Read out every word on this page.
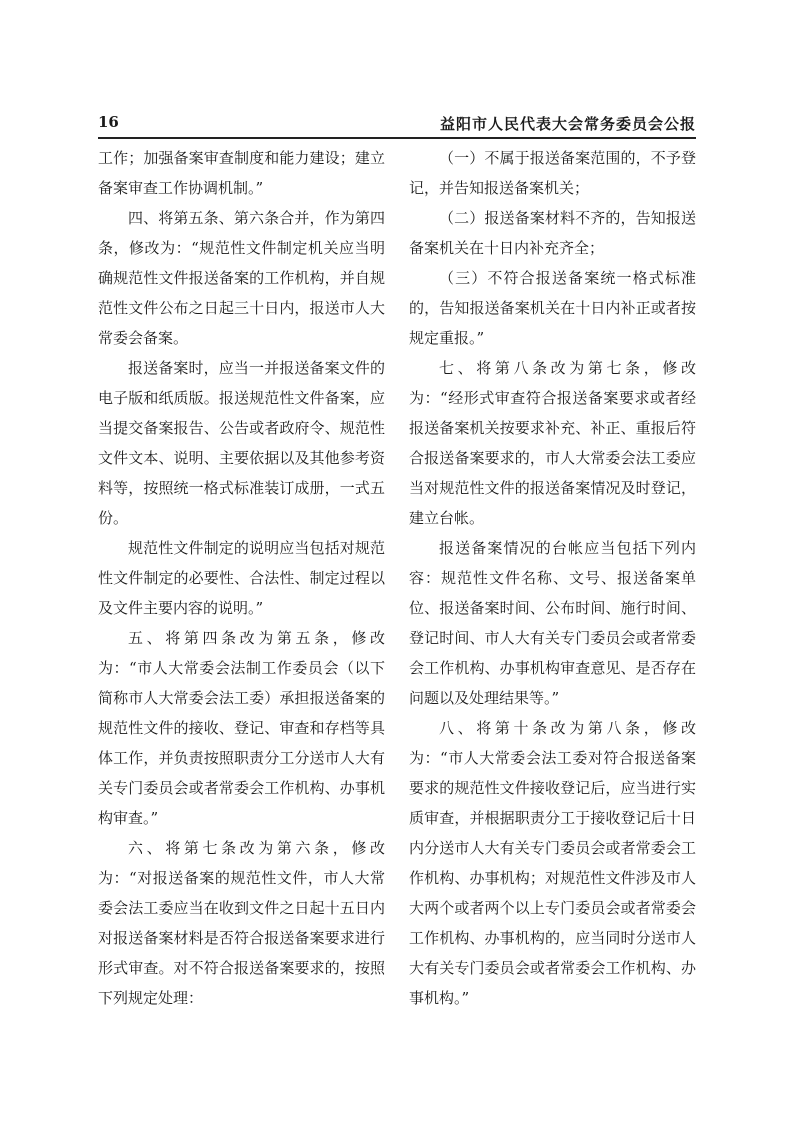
16	益阳市人民代表大会常务委员会公报

工作；加强备案审查制度和能力建设；建立备案审查工作协调机制。”

四、将第五条、第六条合并，作为第四条，修改为：“规范性文件制定机关应当明确规范性文件报送备案的工作机构，并自规范性文件公布之日起三十日内，报送市人大常委会备案。

报送备案时，应当一并报送备案文件的电子版和纸质版。报送规范性文件备案，应当提交备案报告、公告或者政府令、规范性文件文本、说明、主要依据以及其他参考资料等，按照统一格式标准装订成册，一式五份。

规范性文件制定的说明应当包括对规范性文件制定的必要性、合法性、制定过程以及文件主要内容的说明。”

五、将第四条改为第五条，修改为：“市人大常委会法制工作委员会（以下简称市人大常委会法工委）承担报送备案的规范性文件的接收、登记、审查和存档等具体工作，并负责按照职责分工分送市人大有关专门委员会或者常委会工作机构、办事机构审查。”

六、将第七条改为第六条，修改为：“对报送备案的规范性文件，市人大常委会法工委应当在收到文件之日起十五日内对报送备案材料是否符合报送备案要求进行形式审查。对不符合报送备案要求的，按照下列规定处理：

（一）不属于报送备案范围的，不予登记，并告知报送备案机关；

（二）报送备案材料不齐的，告知报送备案机关在十日内补充齐全；

（三）不符合报送备案统一格式标准的，告知报送备案机关在十日内补正或者按规定重报。”

七、将第八条改为第七条，修改为：“经形式审查符合报送备案要求或者经报送备案机关按要求补充、补正、重报后符合报送备案要求的，市人大常委会法工委应当对规范性文件的报送备案情况及时登记，建立台帐。

报送备案情况的台帐应当包括下列内容：规范性文件名称、文号、报送备案单位、报送备案时间、公布时间、施行时间、登记时间、市人大有关专门委员会或者常委会工作机构、办事机构审查意见、是否存在问题以及处理结果等。”

八、将第十条改为第八条，修改为：“市人大常委会法工委对符合报送备案要求的规范性文件接收登记后，应当进行实质审查，并根据职责分工于接收登记后十日内分送市人大有关专门委员会或者常委会工作机构、办事机构；对规范性文件涉及市人大两个或者两个以上专门委员会或者常委会工作机构、办事机构的，应当同时分送市人大有关专门委员会或者常委会工作机构、办事机构。”
